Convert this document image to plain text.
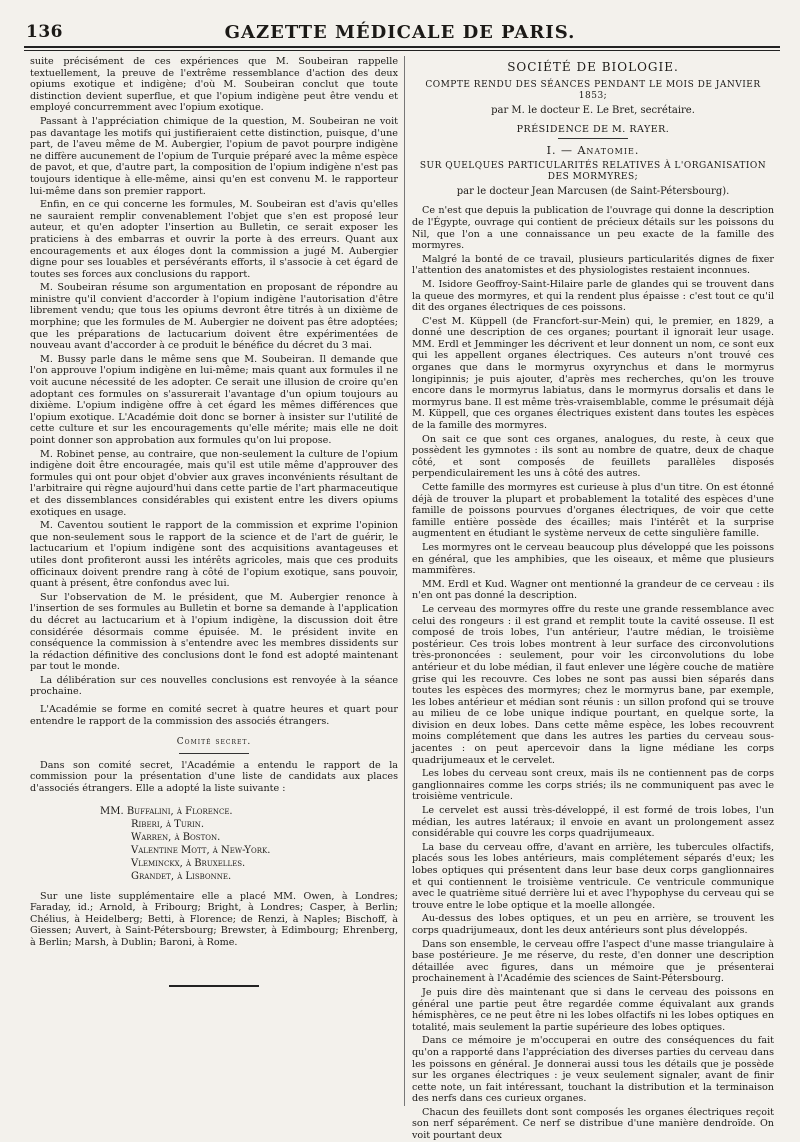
136	GAZETTE MÉDICALE DE PARIS.

suite précisément de ces expériences que M. Soubeiran rappelle textuellement, la preuve de l'extrême ressemblance d'action des deux opiums exotique et indigène; d'où M. Soubeiran conclut que toute distinction devient superflue, et que l'opium indigène peut être vendu et employé concurremment avec l'opium exotique.

Passant à l'appréciation chimique de la question, M. Soubeiran ne voit pas davantage les motifs qui justifieraient cette distinction, puisque, d'une part, de l'aveu même de M. Aubergier, l'opium de pavot pourpre indigène ne diffère aucunement de l'opium de Turquie préparé avec la même espèce de pavot, et que, d'autre part, la composition de l'opium indigène n'est pas toujours identique à elle-même, ainsi qu'en est convenu M. le rapporteur lui-même dans son premier rapport.

Enfin, en ce qui concerne les formules, M. Soubeiran est d'avis qu'elles ne sauraient remplir convenablement l'objet que s'en est proposé leur auteur, et qu'en adopter l'insertion au Bulletin, ce serait exposer les praticiens à des embarras et ouvrir la porte à des erreurs. Quant aux encouragements et aux éloges dont la commission a jugé M. Aubergier digne pour ses louables et persévérants efforts, il s'associe à cet égard de toutes ses forces aux conclusions du rapport.

M. Soubeiran résume son argumentation en proposant de répondre au ministre qu'il convient d'accorder à l'opium indigène l'autorisation d'être librement vendu; que tous les opiums devront être titrés à un dixième de morphine; que les formules de M. Aubergier ne doivent pas être adoptées; que les préparations de lactucarium doivent être expérimentées de nouveau avant d'accorder à ce produit le bénéfice du décret du 3 mai.

M. Bussy parle dans le même sens que M. Soubeiran. Il demande que l'on approuve l'opium indigène en lui-même; mais quant aux formules il ne voit aucune nécessité de les adopter. Ce serait une illusion de croire qu'en adoptant ces formules on s'assurerait l'avantage d'un opium toujours au dixième. L'opium indigène offre à cet égard les mêmes différences que l'opium exotique. L'Académie doit donc se borner à insister sur l'utilité de cette culture et sur les encouragements qu'elle mérite; mais elle ne doit point donner son approbation aux formules qu'on lui propose.

M. Robinet pense, au contraire, que non-seulement la culture de l'opium indigène doit être encouragée, mais qu'il est utile même d'approuver des formules qui ont pour objet d'obvier aux graves inconvénients résultant de l'arbitraire qui règne aujourd'hui dans cette partie de l'art pharmaceutique et des dissemblances considérables qui existent entre les divers opiums exotiques en usage.

M. Caventou soutient le rapport de la commission et exprime l'opinion que non-seulement sous le rapport de la science et de l'art de guérir, le lactucarium et l'opium indigène sont des acquisitions avantageuses et utiles dont profiteront aussi les intérêts agricoles, mais que ces produits officinaux doivent prendre rang à côté de l'opium exotique, sans pouvoir, quant à présent, être confondus avec lui.

Sur l'observation de M. le président, que M. Aubergier renonce à l'insertion de ses formules au Bulletin et borne sa demande à l'application du décret au lactucarium et à l'opium indigène, la discussion doit être considérée désormais comme épuisée. M. le président invite en conséquence la commission à s'entendre avec les membres dissidents sur la rédaction définitive des conclusions dont le fond est adopté maintenant par tout le monde.

La délibération sur ces nouvelles conclusions est renvoyée à la séance prochaine.

L'Académie se forme en comité secret à quatre heures et quart pour entendre le rapport de la commission des associés étrangers.

Comité secret.

Dans son comité secret, l'Académie a entendu le rapport de la commission pour la présentation d'une liste de candidats aux places d'associés étrangers. Elle a adopté la liste suivante :

MM. Buffalini, à Florence.
Riberi, à Turin.
Warren, à Boston.
Valentine Mott, à New-York.
Vleminckx, à Bruxelles.
Grandet, à Lisbonne.

Sur une liste supplémentaire elle a placé MM. Owen, à Londres; Faraday, id.; Arnold, à Fribourg; Bright, à Londres; Casper, à Berlin; Chélius, à Heidelberg; Betti, à Florence; de Renzi, à Naples; Bischoff, à Giessen; Auvert, à Saint-Pétersbourg; Brewster, à Edimbourg; Ehrenberg, à Berlin; Marsh, à Dublin; Baroni, à Rome.

SOCIÉTÉ DE BIOLOGIE.

COMPTE RENDU DES SÉANCES PENDANT LE MOIS DE JANVIER 1853;

par M. le docteur E. Le Bret, secrétaire.

PRÉSIDENCE DE M. RAYER.

I. — Anatomie.

SUR QUELQUES PARTICULARITÉS RELATIVES À L'ORGANISATION DES MORMYRES;

par le docteur Jean Marcusen (de Saint-Pétersbourg).

Ce n'est que depuis la publication de l'ouvrage qui donne la description de l'Égypte, ouvrage qui contient de précieux détails sur les poissons du Nil, que l'on a une connaissance un peu exacte de la famille des mormyres.

Malgré la bonté de ce travail, plusieurs particularités dignes de fixer l'attention des anatomistes et des physiologistes restaient inconnues.

M. Isidore Geoffroy-Saint-Hilaire parle de glandes qui se trouvent dans la queue des mormyres, et qui la rendent plus épaisse : c'est tout ce qu'il dit des organes électriques de ces poissons.

C'est M. Küppell (de Francfort-sur-Mein) qui, le premier, en 1829, a donné une description de ces organes; pourtant il ignorait leur usage. MM. Erdl et Jemminger les décrivent et leur donnent un nom, ce sont eux qui les appellent organes électriques. Ces auteurs n'ont trouvé ces organes que dans le mormyrus oxyrynchus et dans le mormyrus longipinnis; je puis ajouter, d'après mes recherches, qu'on les trouve encore dans le mormyrus labiatus, dans le mormyrus dorsalis et dans le mormyrus bane. Il est même très-vraisemblable, comme le présumait déjà M. Küppell, que ces organes électriques existent dans toutes les espèces de la famille des mormyres.

On sait ce que sont ces organes, analogues, du reste, à ceux que possèdent les gymnotes : ils sont au nombre de quatre, deux de chaque côté, et sont composés de feuillets parallèles disposés perpendiculairement les uns à côté des autres.

Cette famille des mormyres est curieuse à plus d'un titre. On est étonné déjà de trouver la plupart et probablement la totalité des espèces d'une famille de poissons pourvues d'organes électriques, de voir que cette famille entière possède des écailles; mais l'intérêt et la surprise augmentent en étudiant le système nerveux de cette singulière famille.

Les mormyres ont le cerveau beaucoup plus développé que les poissons en général, que les amphibies, que les oiseaux, et même que plusieurs mammifères.

MM. Erdl et Kud. Wagner ont mentionné la grandeur de ce cerveau : ils n'en ont pas donné la description.

Le cerveau des mormyres offre du reste une grande ressemblance avec celui des rongeurs : il est grand et remplit toute la cavité osseuse. Il est composé de trois lobes, l'un antérieur, l'autre médian, le troisième postérieur. Ces trois lobes montrent à leur surface des circonvolutions très-prononcées : seulement, pour voir les circonvolutions du lobe antérieur et du lobe médian, il faut enlever une légère couche de matière grise qui les recouvre. Ces lobes ne sont pas aussi bien séparés dans toutes les espèces des mormyres; chez le mormyrus bane, par exemple, les lobes antérieur et médian sont réunis : un sillon profond qui se trouve au milieu de ce lobe unique indique pourtant, en quelque sorte, la division en deux lobes. Dans cette même espèce, les lobes recouvrent moins complétement que dans les autres les parties du cerveau sous-jacentes : on peut apercevoir dans la ligne médiane les corps quadrijumeaux et le cervelet.

Les lobes du cerveau sont creux, mais ils ne contiennent pas de corps ganglionnaires comme les corps striés; ils ne communiquent pas avec le troisième ventricule.

Le cervelet est aussi très-développé, il est formé de trois lobes, l'un médian, les autres latéraux; il envoie en avant un prolongement assez considérable qui couvre les corps quadrijumeaux.

La base du cerveau offre, d'avant en arrière, les tubercules olfactifs, placés sous les lobes antérieurs, mais complétement séparés d'eux; les lobes optiques qui présentent dans leur base deux corps ganglionnaires et qui contiennent le troisième ventricule. Ce ventricule communique avec le quatrième situé derrière lui et avec l'hypophyse du cerveau qui se trouve entre le lobe optique et la moelle allongée.

Au-dessus des lobes optiques, et un peu en arrière, se trouvent les corps quadrijumeaux, dont les deux antérieurs sont plus développés.

Dans son ensemble, le cerveau offre l'aspect d'une masse triangulaire à base postérieure. Je me réserve, du reste, d'en donner une description détaillée avec figures, dans un mémoire que je présenterai prochainement à l'Académie des sciences de Saint-Pétersbourg.

Je puis dire dès maintenant que si dans le cerveau des poissons en général une partie peut être regardée comme équivalant aux grands hémisphères, ce ne peut être ni les lobes olfactifs ni les lobes optiques en totalité, mais seulement la partie supérieure des lobes optiques.

Dans ce mémoire je m'occuperai en outre des conséquences du fait qu'on a rapporté dans l'appréciation des diverses parties du cerveau dans les poissons en général. Je donnerai aussi tous les détails que je possède sur les organes électriques : je veux seulement signaler, avant de finir cette note, un fait intéressant, touchant la distribution et la terminaison des nerfs dans ces curieux organes.

Chacun des feuillets dont sont composés les organes électriques reçoit son nerf séparément. Ce nerf se distribue d'une manière dendroïde. On voit pourtant deux
